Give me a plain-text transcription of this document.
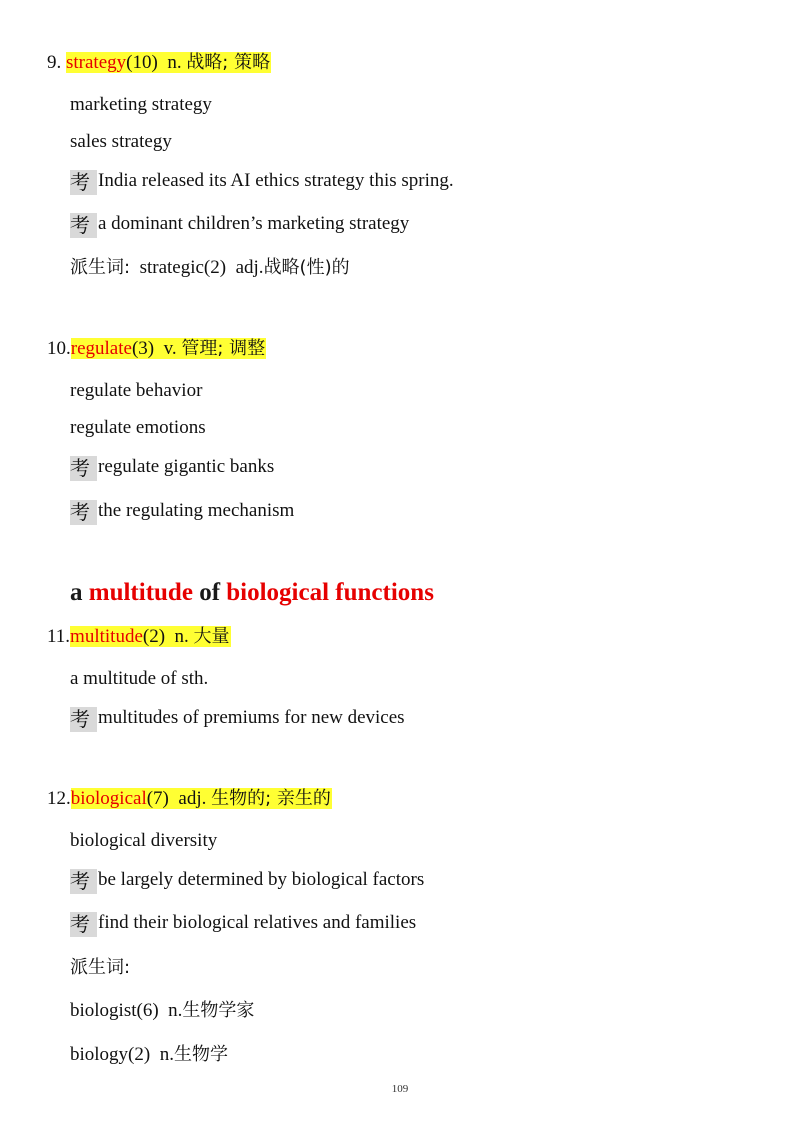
9. strategy(10) n. 战略; 策略
marketing strategy
sales strategy
考 India released its AI ethics strategy this spring.
考 a dominant children’s marketing strategy
派生词: strategic(2) adj.战略(性)的
10.regulate(3) v. 管理; 调整
regulate behavior
regulate emotions
考 regulate gigantic banks
考 the regulating mechanism
a multitude of biological functions
11.multitude(2) n. 大量
a multitude of sth.
考 multitudes of premiums for new devices
12.biological(7) adj. 生物的; 亲生的
biological diversity
考 be largely determined by biological factors
考 find their biological relatives and families
派生词:
biologist(6) n.生物学家
biology(2) n.生物学
109
